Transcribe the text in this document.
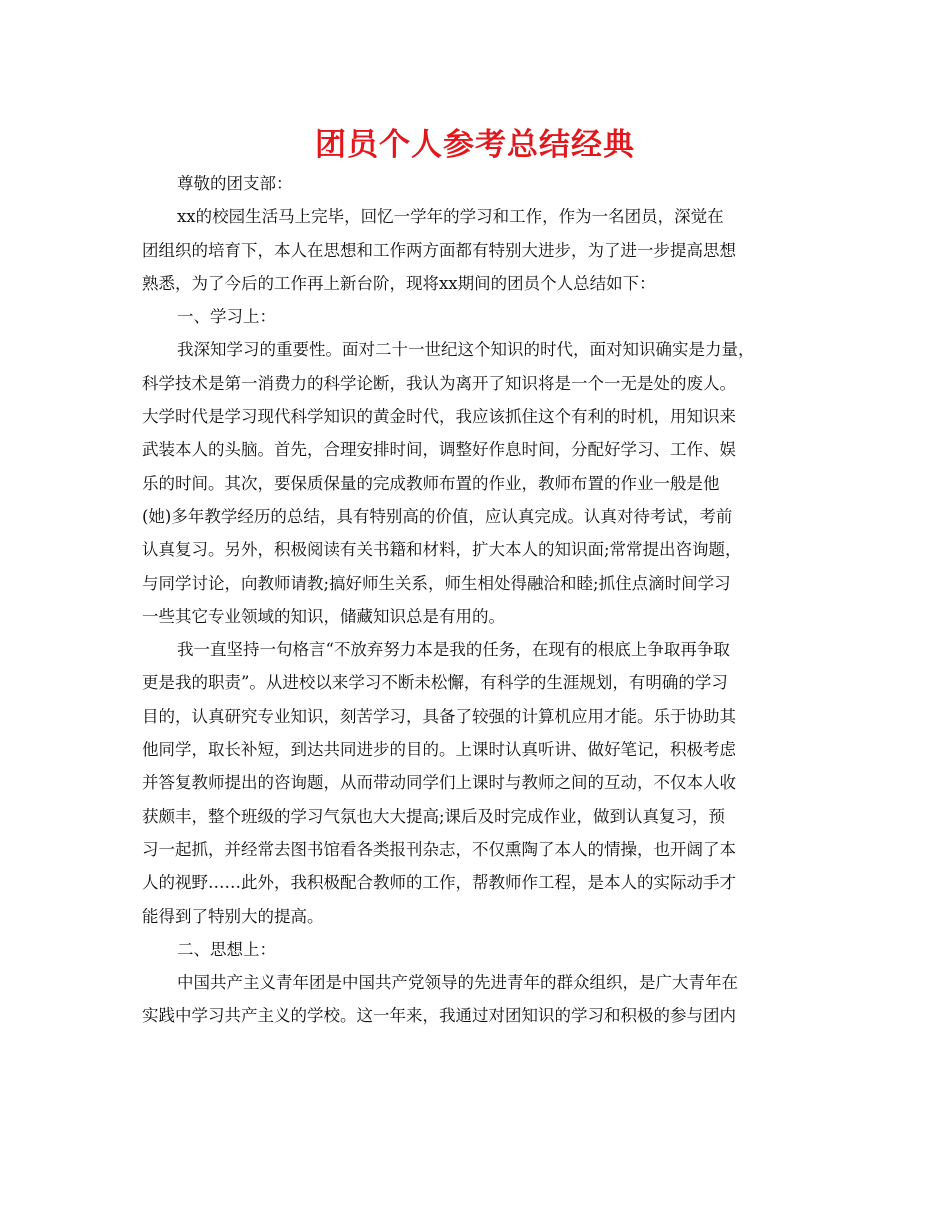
团员个人参考总结经典
尊敬的团支部：
xx的校园生活马上完毕，回忆一学年的学习和工作，作为一名团员，深觉在
团组织的培育下，本人在思想和工作两方面都有特别大进步，为了进一步提高思想
熟悉，为了今后的工作再上新台阶，现将xx期间的团员个人总结如下：
一、学习上：
我深知学习的重要性。面对二十一世纪这个知识的时代，面对知识确实是力量，
科学技术是第一消费力的科学论断，我认为离开了知识将是一个一无是处的废人。
大学时代是学习现代科学知识的黄金时代，我应该抓住这个有利的时机，用知识来
武装本人的头脑。首先，合理安排时间，调整好作息时间，分配好学习、工作、娱
乐的时间。其次，要保质保量的完成教师布置的作业，教师布置的作业一般是他
(她)多年教学经历的总结，具有特别高的价值，应认真完成。认真对待考试，考前
认真复习。另外，积极阅读有关书籍和材料，扩大本人的知识面;常常提出咨询题，
与同学讨论，向教师请教;搞好师生关系，师生相处得融洽和睦;抓住点滴时间学习
一些其它专业领域的知识，储藏知识总是有用的。
我一直坚持一句格言“不放弃努力本是我的任务，在现有的根底上争取再争取
更是我的职责”。从进校以来学习不断未松懈，有科学的生涯规划，有明确的学习
目的，认真研究专业知识，刻苦学习，具备了较强的计算机应用才能。乐于协助其
他同学，取长补短，到达共同进步的目的。上课时认真听讲、做好笔记，积极考虑
并答复教师提出的咨询题，从而带动同学们上课时与教师之间的互动，不仅本人收
获颇丰，整个班级的学习气氛也大大提高;课后及时完成作业，做到认真复习，预
习一起抓，并经常去图书馆看各类报刊杂志，不仅熏陶了本人的情操，也开阔了本
人的视野……此外，我积极配合教师的工作，帮教师作工程，是本人的实际动手才
能得到了特别大的提高。
二、思想上：
中国共产主义青年团是中国共产党领导的先进青年的群众组织，是广大青年在
实践中学习共产主义的学校。这一年来，我通过对团知识的学习和积极的参与团内
